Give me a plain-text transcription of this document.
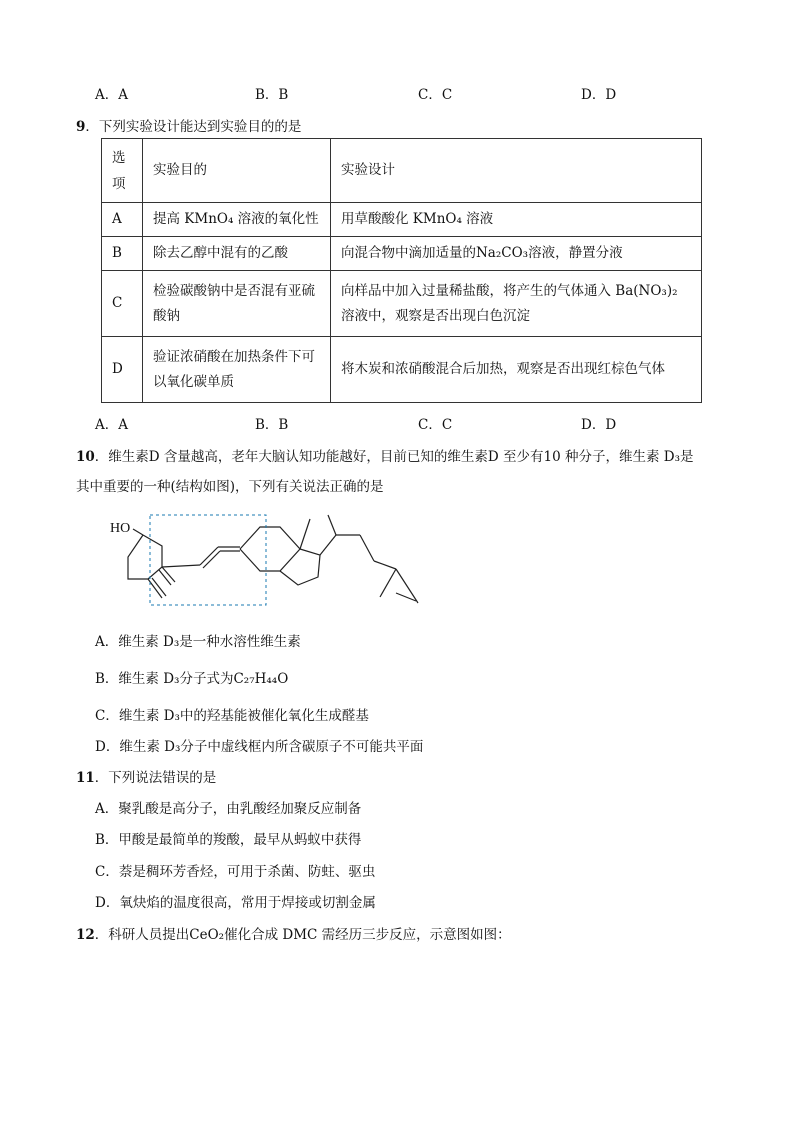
A．A	B．B	C．C	D．D
9．下列实验设计能达到实验目的的是
选项	实验目的	实验设计
A	提高 KMnO₄ 溶液的氧化性	用草酸酸化 KMnO₄ 溶液
B	除去乙醇中混有的乙酸	向混合物中滴加适量的Na₂CO₃溶液，静置分液
C	检验碳酸钠中是否混有亚硫酸钠	向样品中加入过量稀盐酸，将产生的气体通入 Ba(NO₃)₂ 溶液中，观察是否出现白色沉淀
D	验证浓硝酸在加热条件下可以氧化碳单质	将木炭和浓硝酸混合后加热，观察是否出现红棕色气体
A．A	B．B	C．C	D．D
10．维生素D 含量越高，老年大脑认知功能越好，目前已知的维生素D 至少有10 种分子，维生素 D₃是
其中重要的一种(结构如图)，下列有关说法正确的是
HO
A．维生素 D₃是一种水溶性维生素
B．维生素 D₃分子式为C₂₇H₄₄O
C．维生素 D₃中的羟基能被催化氧化生成醛基
D．维生素 D₃分子中虚线框内所含碳原子不可能共平面
11．下列说法错误的是
A．聚乳酸是高分子，由乳酸经加聚反应制备
B．甲酸是最简单的羧酸，最早从蚂蚁中获得
C．萘是稠环芳香烃，可用于杀菌、防蛀、驱虫
D．氧炔焰的温度很高，常用于焊接或切割金属
12．科研人员提出CeO₂催化合成 DMC 需经历三步反应，示意图如图：
